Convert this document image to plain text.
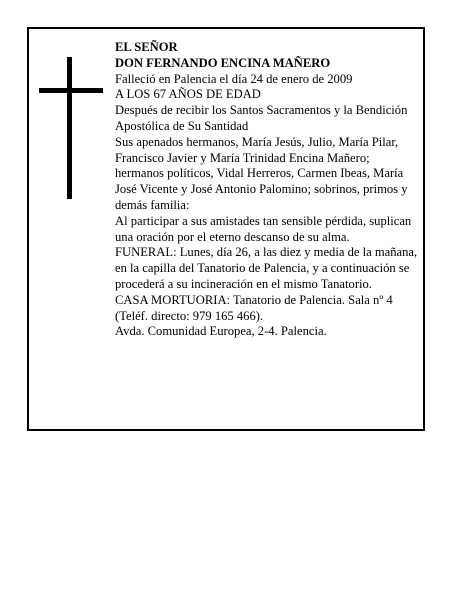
EL SEÑOR

DON FERNANDO ENCINA MAÑERO

Falleció en Palencia el día 24 de enero de 2009

A LOS 67 AÑOS DE EDAD

Después de recibir los Santos Sacramentos y la Bendición Apostólica de Su Santidad

Sus apenados hermanos, María Jesús, Julio, María Pilar, Francisco Javier y María Trinidad Encina Mañero; hermanos políticos, Vidal Herreros, Carmen Ibeas, María José Vicente y José Antonio Palomino; sobrinos, primos y demás familia:

Al participar a sus amistades tan sensible pérdida, suplican una oración por el eterno descanso de su alma.

FUNERAL: Lunes, día 26, a las diez y media de la mañana, en la capilla del Tanatorio de Palencia, y a continuación se procederá a su incineración en el mismo Tanatorio.

CASA MORTUORIA: Tanatorio de Palencia. Sala nº 4 (Teléf. directo: 979 165 466).

Avda. Comunidad Europea, 2-4. Palencia.
